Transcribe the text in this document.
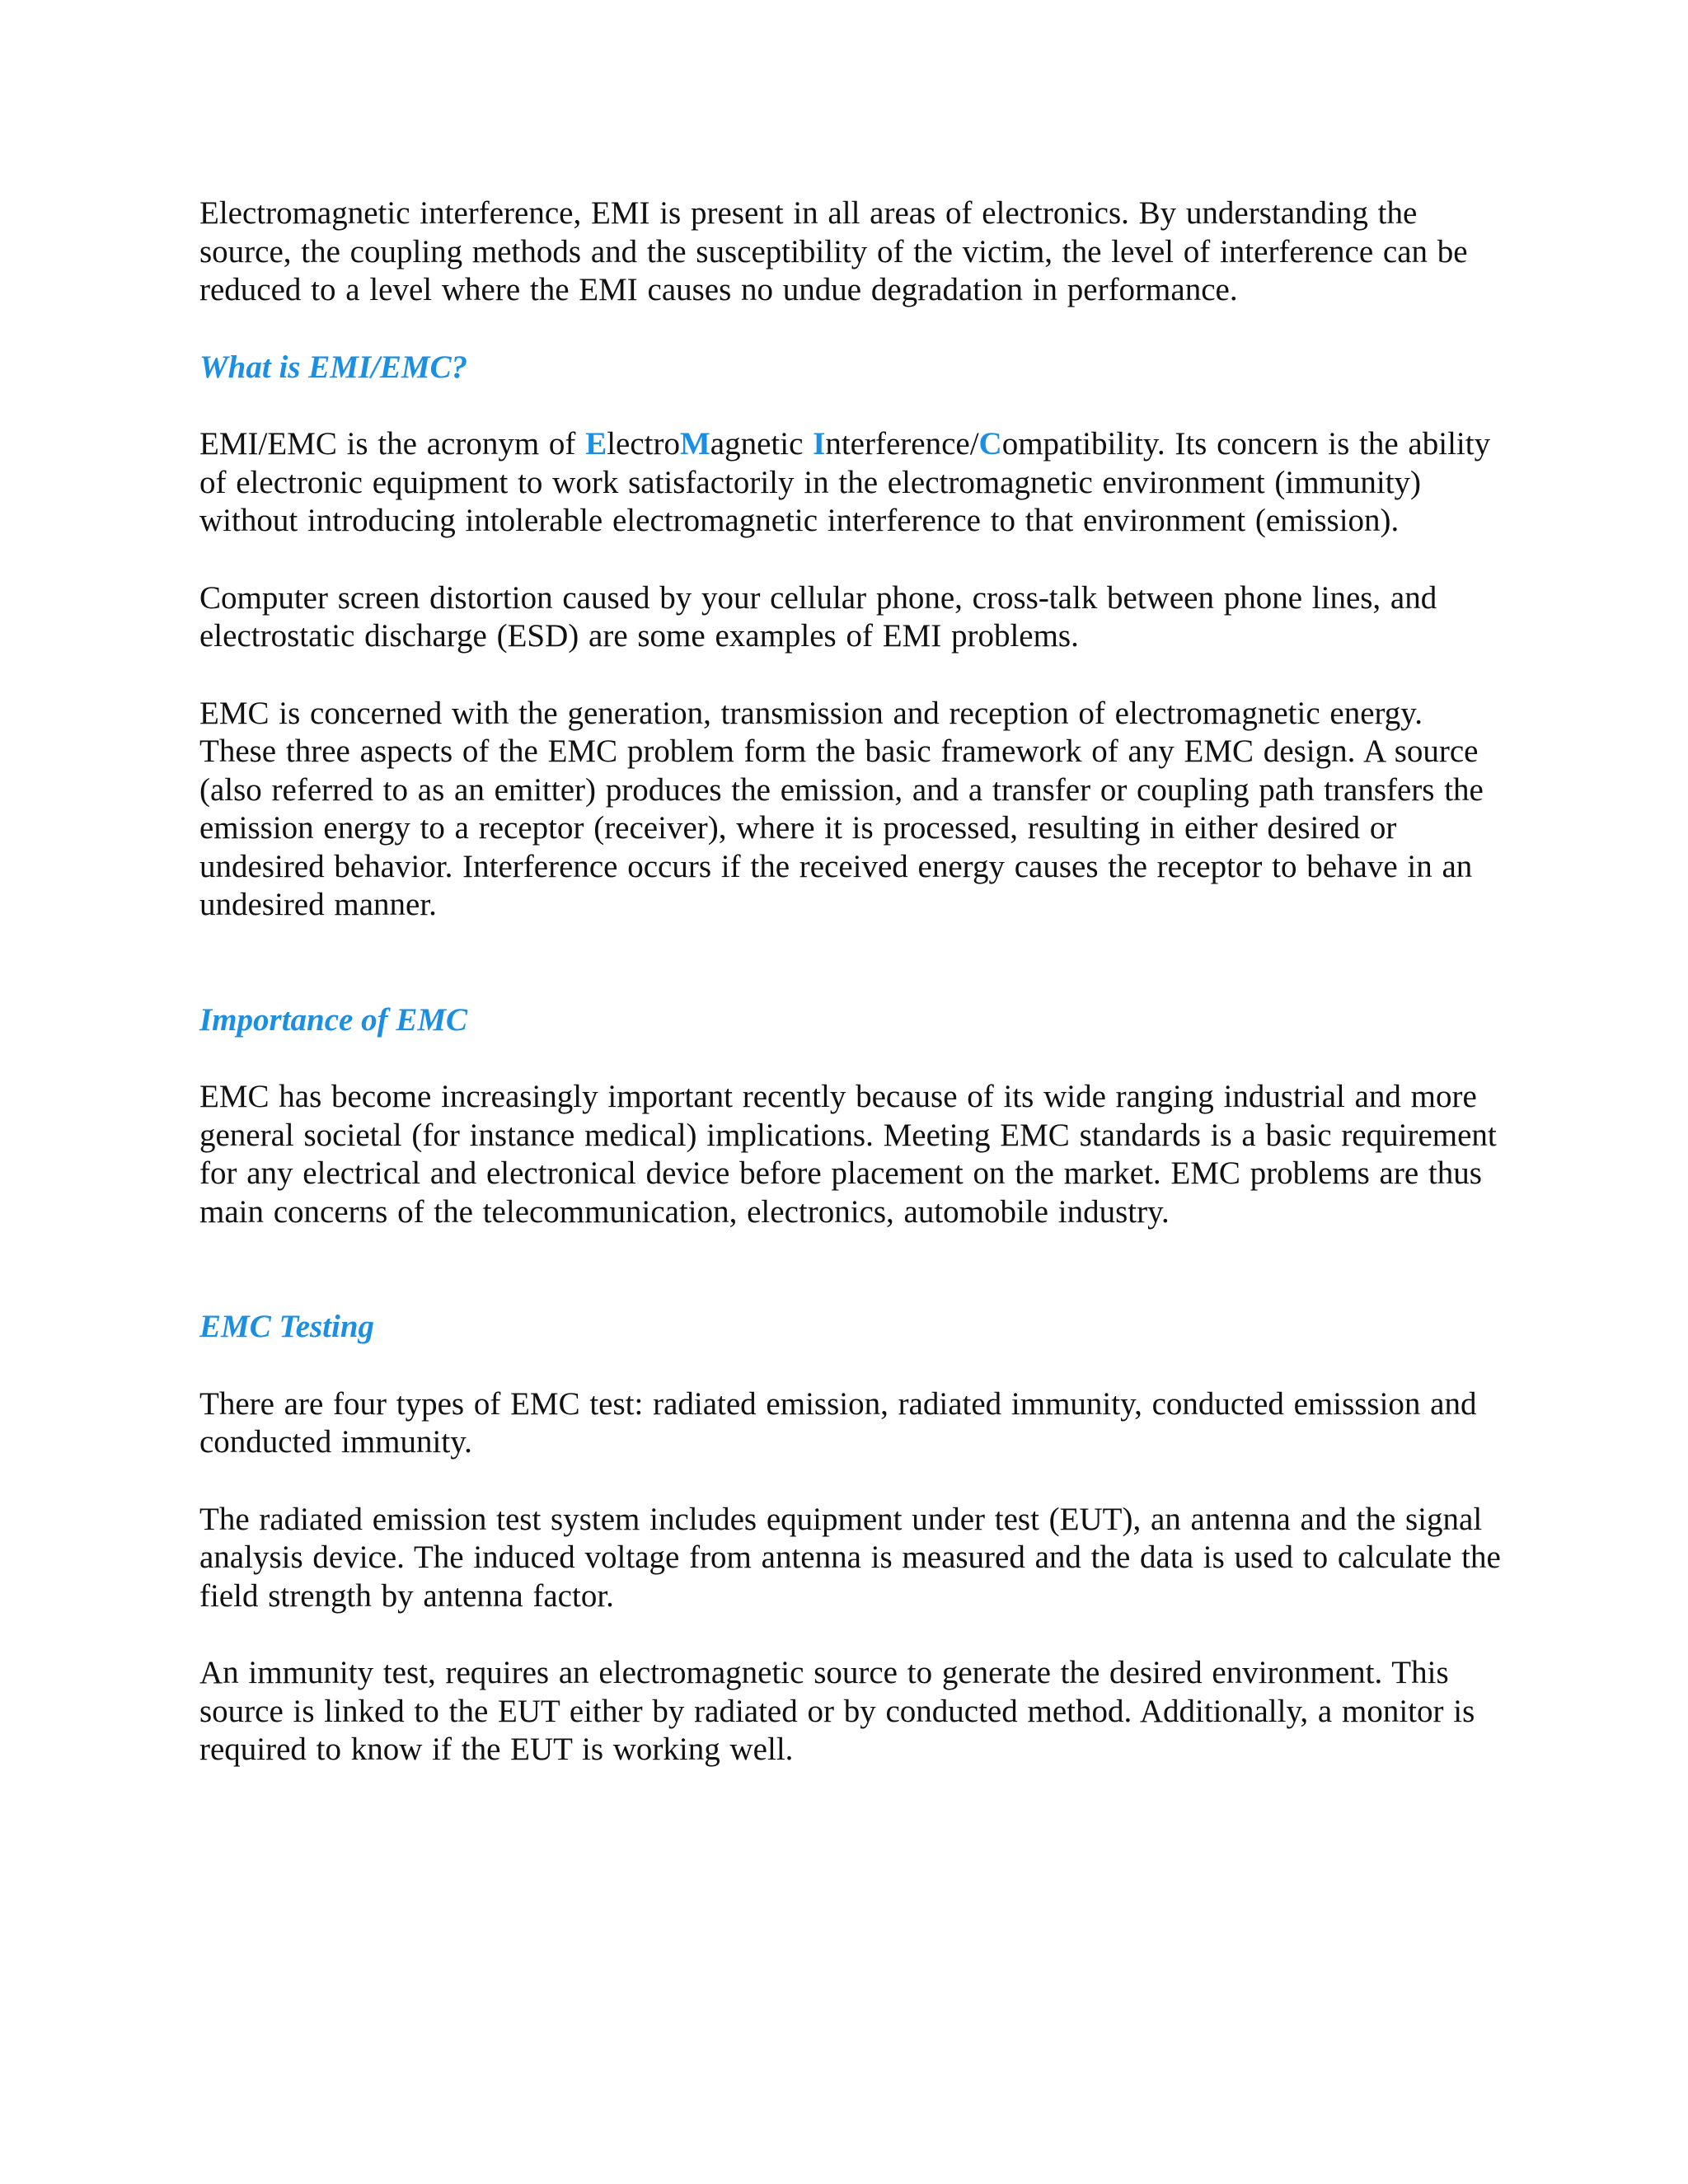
Electromagnetic interference, EMI is present in all areas of electronics. By understanding the source, the coupling methods and the susceptibility of the victim, the level of interference can be reduced to a level where the EMI causes no undue degradation in performance.

What is EMI/EMC?

EMI/EMC is the acronym of ElectroMagnetic Interference/Compatibility. Its concern is the ability of electronic equipment to work satisfactorily in the electromagnetic environment (immunity) without introducing intolerable electromagnetic interference to that environment (emission).

Computer screen distortion caused by your cellular phone, cross-talk between phone lines, and electrostatic discharge (ESD) are some examples of EMI problems.

EMC is concerned with the generation, transmission and reception of electromagnetic energy. These three aspects of the EMC problem form the basic framework of any EMC design. A source (also referred to as an emitter) produces the emission, and a transfer or coupling path transfers the emission energy to a receptor (receiver), where it is processed, resulting in either desired or undesired behavior. Interference occurs if the received energy causes the receptor to behave in an undesired manner.

Importance of EMC

EMC has become increasingly important recently because of its wide ranging industrial and more general societal (for instance medical) implications. Meeting EMC standards is a basic requirement for any electrical and electronical device before placement on the market. EMC problems are thus main concerns of the telecommunication, electronics, automobile industry.

EMC Testing

There are four types of EMC test: radiated emission, radiated immunity, conducted emisssion and conducted immunity.

The radiated emission test system includes equipment under test (EUT), an antenna and the signal analysis device. The induced voltage from antenna is measured and the data is used to calculate the field strength by antenna factor.

An immunity test, requires an electromagnetic source to generate the desired environment. This source is linked to the EUT either by radiated or by conducted method. Additionally, a monitor is required to know if the EUT is working well.
